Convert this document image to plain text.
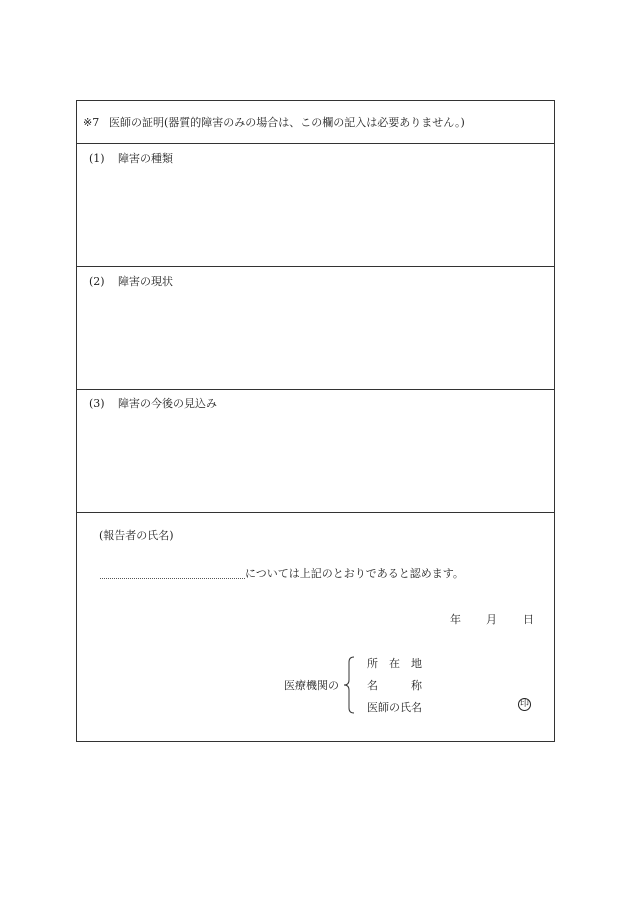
※7 医師の証明(器質的障害のみの場合は、この欄の記入は必要ありません。)
(1) 障害の種類
(2) 障害の現状
(3) 障害の今後の見込み
(報告者の氏名)
については上記のとおりであると認めます。
年 月 日
医療機関の
所　在　地
名　　　称
医師の氏名	印
